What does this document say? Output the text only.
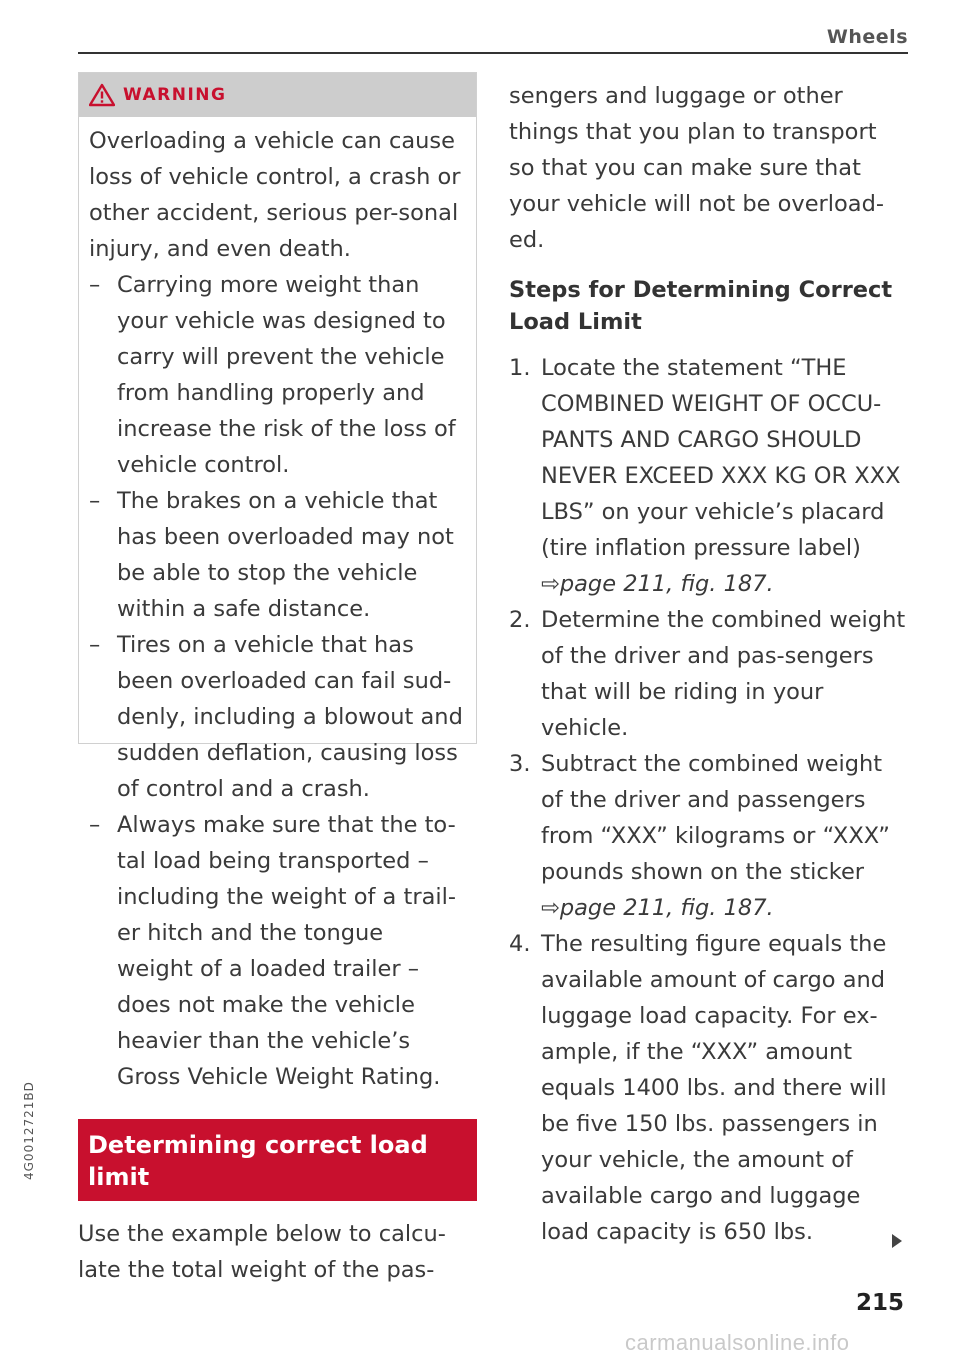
Wheels
4G0012721BD
WARNING

Overloading a vehicle can cause loss of vehicle control, a crash or other accident, serious per-sonal injury, and even death.

– Carrying more weight than your vehicle was designed to carry will prevent the vehicle from handling properly and increase the risk of the loss of vehicle control.
– The brakes on a vehicle that has been overloaded may not be able to stop the vehicle within a safe distance.
– Tires on a vehicle that has been overloaded can fail sud-denly, including a blowout and sudden deflation, causing loss of control and a crash.
– Always make sure that the to-tal load being transported – including the weight of a trail-er hitch and the tongue weight of a loaded trailer – does not make the vehicle heavier than the vehicle’s Gross Vehicle Weight Rating.
Determining correct load limit

Use the example below to calcu-late the total weight of the pas-

sengers and luggage or other things that you plan to transport so that you can make sure that your vehicle will not be overload-ed.

Steps for Determining Correct Load Limit
1. Locate the statement “THE COMBINED WEIGHT OF OCCU-PANTS AND CARGO SHOULD NEVER EXCEED XXX KG OR XXX LBS” on your vehicle’s placard (tire inflation pressure label)
⇨page 211, fig. 187.
2. Determine the combined weight of the driver and pas-sengers that will be riding in your vehicle.
3. Subtract the combined weight of the driver and passengers from “XXX” kilograms or “XXX” pounds shown on the sticker
⇨page 211, fig. 187.
4. The resulting figure equals the available amount of cargo and luggage load capacity. For ex-ample, if the “XXX” amount equals 1400 lbs. and there will be five 150 lbs. passengers in your vehicle, the amount of available cargo and luggage load capacity is 650 lbs.
215
carmanualsonline.info
